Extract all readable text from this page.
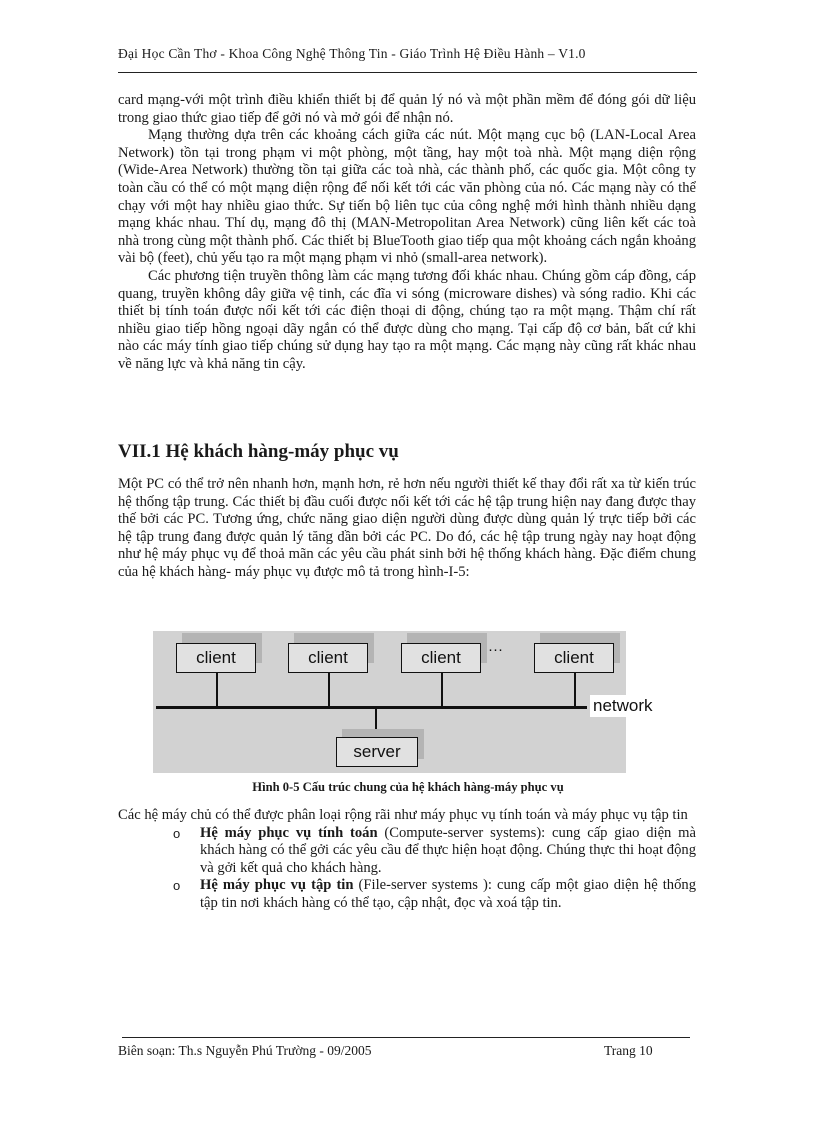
Đại Học Cần Thơ - Khoa Công Nghệ Thông Tin - Giáo Trình Hệ Điều Hành – V1.0

card mạng-với một trình điều khiển thiết bị để quản lý nó và một phần mềm để đóng gói dữ liệu trong giao thức giao tiếp để gởi nó và mở gói để nhận nó.

Mạng thường dựa trên các khoảng cách giữa các nút. Một mạng cục bộ (LAN-Local Area Network) tồn tại trong phạm vi một phòng, một tầng, hay một toà nhà. Một mạng diện rộng (Wide-Area Network) thường tồn tại giữa các toà nhà, các thành phố, các quốc gia. Một công ty toàn cầu có thể có một mạng diện rộng để nối kết tới các văn phòng của nó. Các mạng này có thể chạy với một hay nhiều giao thức. Sự tiến bộ liên tục của công nghệ mới hình thành nhiều dạng mạng khác nhau. Thí dụ, mạng đô thị (MAN-Metropolitan Area Network) cũng liên kết các toà nhà trong cùng một thành phố. Các thiết bị BlueTooth giao tiếp qua một khoảng cách ngắn khoảng vài bộ (feet), chủ yếu tạo ra một mạng phạm vi nhỏ (small-area network).

Các phương tiện truyền thông làm các mạng tương đối khác nhau. Chúng gồm cáp đồng, cáp quang, truyền không dây giữa vệ tinh, các đĩa vi sóng (microware dishes) và sóng radio. Khi các thiết bị tính toán được nối kết tới các điện thoại di động, chúng tạo ra một mạng. Thậm chí rất nhiều giao tiếp hồng ngoại dãy ngắn có thể được dùng cho mạng. Tại cấp độ cơ bản, bất cứ khi nào các máy tính giao tiếp chúng sử dụng hay tạo ra một mạng. Các mạng này cũng rất khác nhau về năng lực và khả năng tin cậy.

VII.1 Hệ khách hàng-máy phục vụ

Một PC có thể trở nên nhanh hơn, mạnh hơn, rẻ hơn nếu người thiết kế thay đổi rất xa từ kiến trúc hệ thống tập trung. Các thiết bị đầu cuối được nối kết tới các hệ tập trung hiện nay đang được thay thế bởi các PC. Tương ứng, chức năng giao diện người dùng được dùng quản lý trực tiếp bởi các hệ tập trung đang được quản lý tăng dần bởi các PC. Do đó, các hệ tập trung ngày nay hoạt động như hệ máy phục vụ để thoả mãn các yêu cầu phát sinh bởi hệ thống khách hàng. Đặc điểm chung của hệ khách hàng- máy phục vụ được mô tả trong hình-I-5:

client	client	client	···	client
network
server
Hình 0-5 Cấu trúc chung của hệ khách hàng-máy phục vụ

Các hệ máy chủ có thể được phân loại rộng rãi như máy phục vụ tính toán và máy phục vụ tập tin

o Hệ máy phục vụ tính toán (Compute-server systems): cung cấp giao diện mà khách hàng có thể gởi các yêu cầu để thực hiện hoạt động. Chúng thực thi hoạt động và gởi kết quả cho khách hàng.
o Hệ máy phục vụ tập tin (File-server systems ): cung cấp một giao diện hệ thống tập tin nơi khách hàng có thể tạo, cập nhật, đọc và xoá tập tin.
Biên soạn: Th.s Nguyễn Phú Trường - 09/2005	Trang 10
